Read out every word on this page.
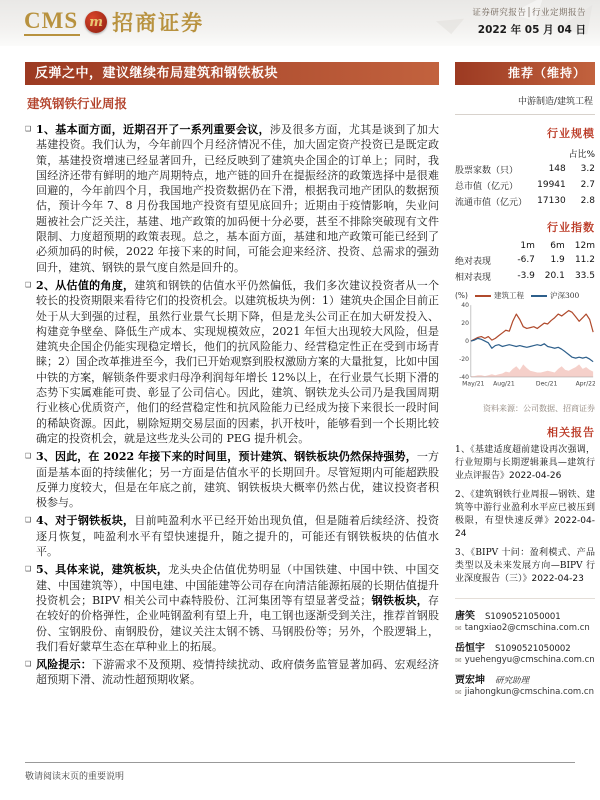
CMS m 招商证券	证券研究报告│行业定期报告
2022 年 05 月 04 日
反弹之中，建议继续布局建筑和钢铁板块
建筑钢铁行业周报
❑ 1、基本面方面，近期召开了一系列重要会议，涉及很多方面，尤其是谈到了加大基建投资。我们认为，今年前四个月经济情况不佳，加大固定资产投资已是既定政策，基建投资增速已经显著回升，已经反映到了建筑央企国企的订单上；同时，我国经济还带有鲜明的地产周期特点，地产链的回升在提振经济的政策选择中是很难回避的，今年前四个月，我国地产投资数据仍在下滑，根据我司地产团队的数据预估，预计今年 7、8 月份我国地产投资有望见底回升；近期由于疫情影响，失业问题被社会广泛关注，基建、地产政策的加码便十分必要，甚至不排除突破现有文件限制、力度超预期的政策表现。总之，基本面方面，基建和地产政策可能已经到了必须加码的时候，2022 年接下来的时间，可能会迎来经济、投资、总需求的强劲回升，建筑、钢铁的景气度自然是回升的。
❑ 2、从估值的角度，建筑和钢铁的估值水平仍然偏低，我们多次建议投资者从一个较长的投资期限来看待它们的投资机会。以建筑板块为例：1）建筑央企国企目前正处于从大到强的过程，虽然行业景气长期下降，但是龙头公司正在加大研发投入、构建竞争壁垒、降低生产成本、实现规模效应，2021 年恒大出现较大风险，但是建筑央企国企仍能实现稳定增长，他们的抗风险能力、经营稳定性正在受到市场青睐；2）国企改革推进至今，我们已开始观察到股权激励方案的大量批复，比如中国中铁的方案，解锁条件要求归母净利润每年增长 12%以上，在行业景气长期下滑的态势下实属难能可贵、彰显了公司信心。因此，建筑、钢铁龙头公司乃是我国周期行业核心优质资产，他们的经营稳定性和抗风险能力已经成为接下来很长一段时间的稀缺资源。因此，剔除短期交易层面的因素，扒开枝叶，能够看到一个长期比较确定的投资机会，就是这些龙头公司的 PEG 提升机会。
❑ 3、因此，在 2022 年接下来的时间里，预计建筑、钢铁板块仍然保持强势，一方面是基本面的持续催化；另一方面是估值水平的长期回升。尽管短期内可能超跌股反弹力度较大，但是在年底之前，建筑、钢铁板块大概率仍然占优，建议投资者积极参与。
❑ 4、对于钢铁板块，目前吨盈利水平已经开始出现负值，但是随着后续经济、投资逐月恢复，吨盈利水平有望快速提升，随之提升的，可能还有钢铁板块的估值水平。
❑ 5、具体来说，建筑板块，龙头央企估值优势明显（中国铁建、中国中铁、中国交建、中国建筑等），中国电建、中国能建等公司存在向清洁能源拓展的长期估值提升投资机会；BIPV 相关公司中森特股份、江河集团等有望显著受益；钢铁板块，存在较好的价格弹性，企业吨钢盈利有望上升，电工钢也逐渐受到关注，推荐首钢股份、宝钢股份、南钢股份，建议关注太钢不锈、马钢股份等；另外，个股逻辑上，我们看好蒙草生态在草种业上的拓展。
❑ 风险提示：下游需求不及预期、疫情持续扰动、政府债务监管显著加码、宏观经济超预期下滑、流动性超预期收紧。
推荐（维持）
中游制造/建筑工程
行业规模
		占比%
股票家数（只）	148	3.2
总市值（亿元）	19941	2.7
流通市值（亿元）	17130	2.8
行业指数
	1m	6m	12m
绝对表现	-6.7	1.9	11.2
相对表现	-3.9	20.1	33.5
(%)	建筑工程	沪深300
40
20
0
-20
-40
May/21 Aug/21	Dec/21	Apr/22
资料来源：公司数据、招商证券
相关报告
1、《基建适度超前建设再次强调，行业短期与长期逻辑兼具—建筑行业点评报告》2022-04-26
2、《建筑钢铁行业周报—钢铁、建筑等中游行业盈利水平应已被压到极限，有望快速反弹》2022-04-24
3、《BIPV 十问：盈利模式、产品类型以及未来发展方向—BIPV 行业深度报告（三）》2022-04-23
唐笑 S1090521050001
✉ tangxiao2@cmschina.com.cn
岳恒宇 S1090521050002
✉ yuehengyu@cmschina.com.cn
贾宏坤 研究助理
✉ jiahongkun@cmschina.com.cn
敬请阅读末页的重要说明
